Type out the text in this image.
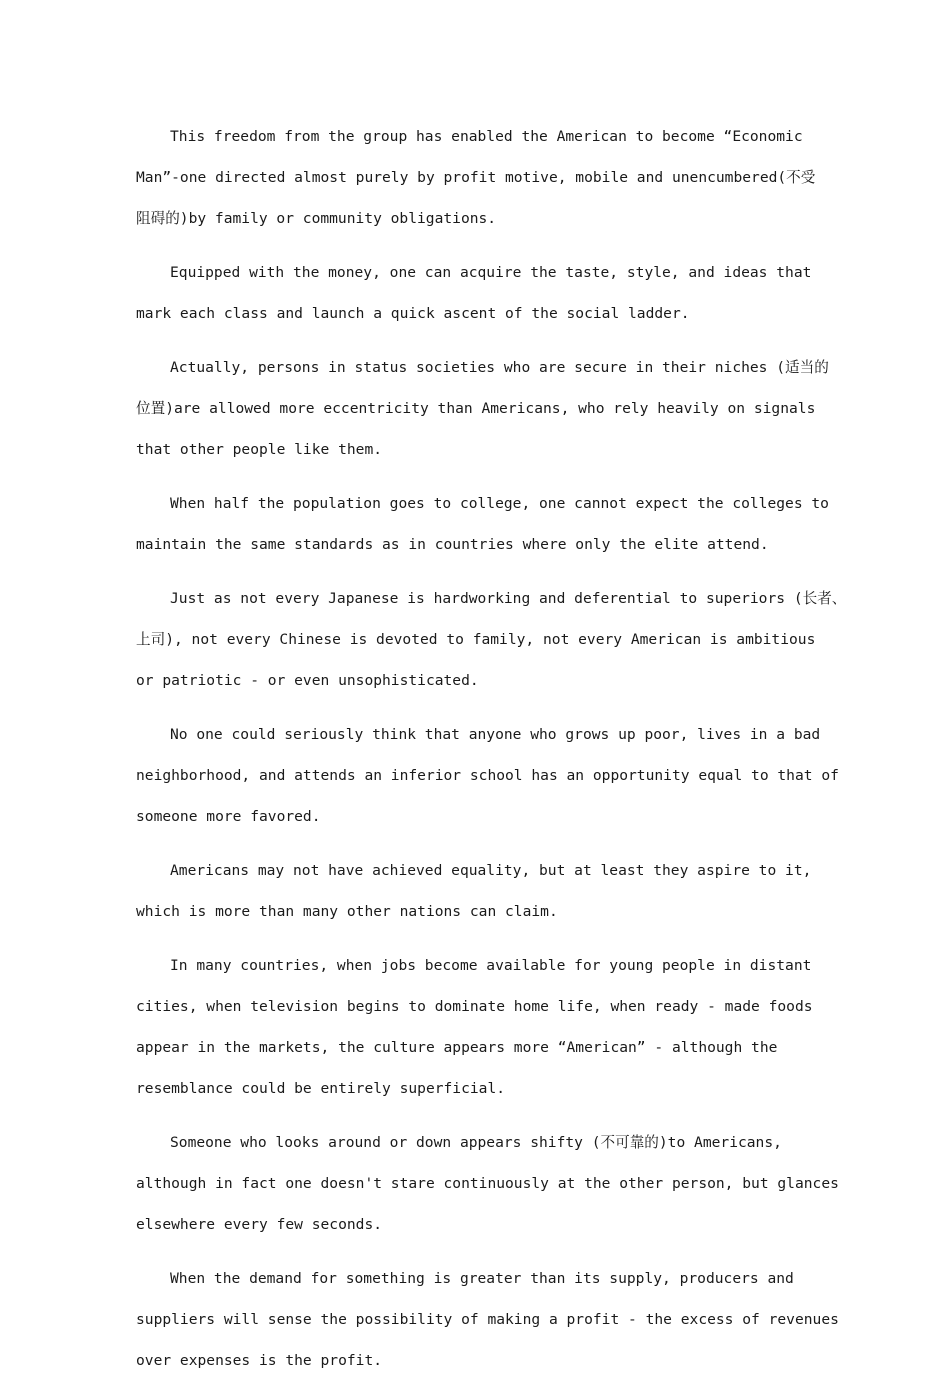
This freedom from the group has enabled the American to become “Economic
Man”-one directed almost purely by profit motive, mobile and unencumbered(不受
阻碍的)by family or community obligations.
Equipped with the money, one can acquire the taste, style, and ideas that
mark each class and launch a quick ascent of the social ladder.
Actually, persons in status societies who are secure in their niches (适当的
位置)are allowed more eccentricity than Americans, who rely heavily on signals
that other people like them.
When half the population goes to college, one cannot expect the colleges to
maintain the same standards as in countries where only the elite attend.
Just as not every Japanese is hardworking and deferential to superiors (长者、
上司), not every Chinese is devoted to family, not every American is ambitious
or patriotic - or even unsophisticated.
No one could seriously think that anyone who grows up poor, lives in a bad
neighborhood, and attends an inferior school has an opportunity equal to that of
someone more favored.
Americans may not have achieved equality, but at least they aspire to it,
which is more than many other nations can claim.
In many countries, when jobs become available for young people in distant
cities, when television begins to dominate home life, when ready - made foods
appear in the markets, the culture appears more “American” - although the
resemblance could be entirely superficial.
Someone who looks around or down appears shifty (不可靠的)to Americans,
although in fact one doesn't stare continuously at the other person, but glances
elsewhere every few seconds.
When the demand for something is greater than its supply, producers and
suppliers will sense the possibility of making a profit - the excess of revenues
over expenses is the profit.
